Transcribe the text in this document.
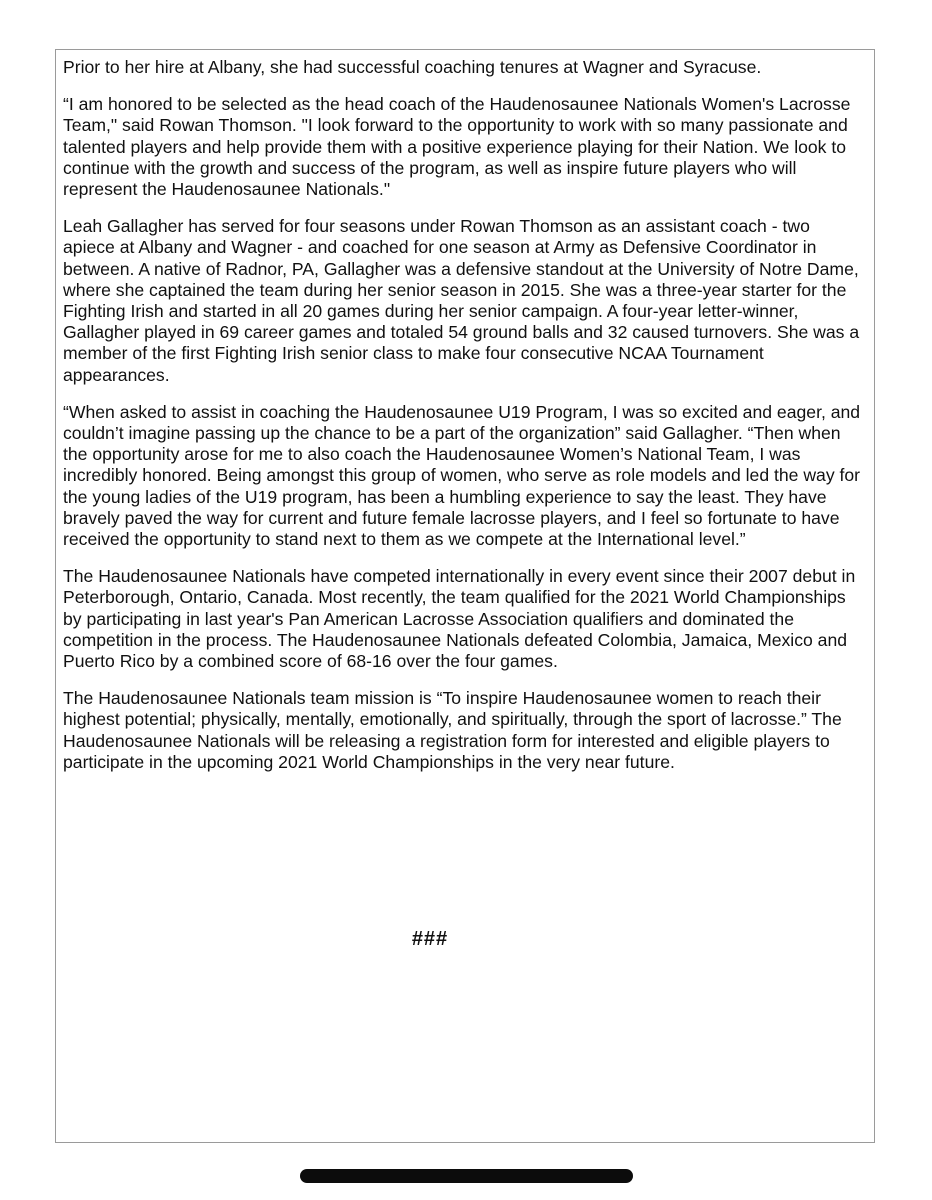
Prior to her hire at Albany, she had successful coaching tenures at Wagner and Syracuse.

“I am honored to be selected as the head coach of the Haudenosaunee Nationals Women's Lacrosse Team," said Rowan Thomson. "I look forward to the opportunity to work with so many passionate and talented players and help provide them with a positive experience playing for their Nation. We look to continue with the growth and success of the program, as well as inspire future players who will represent the Haudenosaunee Nationals."

Leah Gallagher has served for four seasons under Rowan Thomson as an assistant coach - two apiece at Albany and Wagner - and coached for one season at Army as Defensive Coordinator in between. A native of Radnor, PA, Gallagher was a defensive standout at the University of Notre Dame, where she captained the team during her senior season in 2015. She was a three-year starter for the Fighting Irish and started in all 20 games during her senior campaign. A four-year letter-winner, Gallagher played in 69 career games and totaled 54 ground balls and 32 caused turnovers. She was a member of the first Fighting Irish senior class to make four consecutive NCAA Tournament appearances.

“When asked to assist in coaching the Haudenosaunee U19 Program, I was so excited and eager, and couldn’t imagine passing up the chance to be a part of the organization” said Gallagher. “Then when the opportunity arose for me to also coach the Haudenosaunee Women’s National Team, I was incredibly honored. Being amongst this group of women, who serve as role models and led the way for the young ladies of the U19 program, has been a humbling experience to say the least. They have bravely paved the way for current and future female lacrosse players, and I feel so fortunate to have received the opportunity to stand next to them as we compete at the International level.”

The Haudenosaunee Nationals have competed internationally in every event since their 2007 debut in Peterborough, Ontario, Canada. Most recently, the team qualified for the 2021 World Championships by participating in last year's Pan American Lacrosse Association qualifiers and dominated the competition in the process. The Haudenosaunee Nationals defeated Colombia, Jamaica, Mexico and Puerto Rico by a combined score of 68-16 over the four games.

The Haudenosaunee Nationals team mission is “To inspire Haudenosaunee women to reach their highest potential; physically, mentally, emotionally, and spiritually, through the sport of lacrosse.” The Haudenosaunee Nationals will be releasing a registration form for interested and eligible players to participate in the upcoming 2021 World Championships in the very near future.

###
